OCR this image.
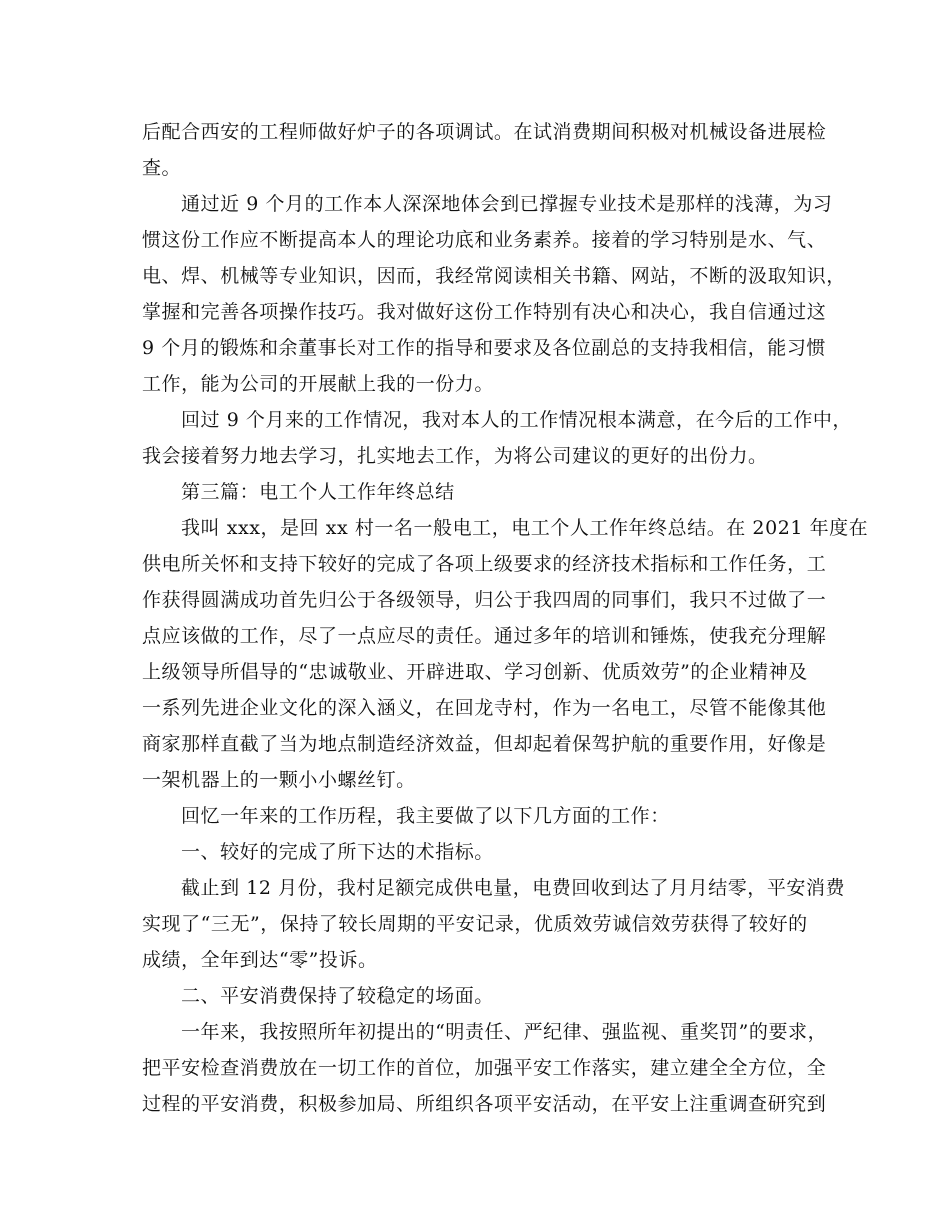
后配合西安的工程师做好炉子的各项调试。在试消费期间积极对机械设备进展检
查。
通过近 9 个月的工作本人深深地体会到已撑握专业技术是那样的浅薄，为习
惯这份工作应不断提高本人的理论功底和业务素养。接着的学习特别是水、气、
电、焊、机械等专业知识，因而，我经常阅读相关书籍、网站，不断的汲取知识，
掌握和完善各项操作技巧。我对做好这份工作特别有决心和决心，我自信通过这
9 个月的锻炼和余董事长对工作的指导和要求及各位副总的支持我相信，能习惯
工作，能为公司的开展献上我的一份力。
回过 9 个月来的工作情况，我对本人的工作情况根本满意，在今后的工作中，
我会接着努力地去学习，扎实地去工作，为将公司建议的更好的出份力。
第三篇：电工个人工作年终总结
我叫 xxx，是回 xx 村一名一般电工，电工个人工作年终总结。在 2021 年度在
供电所关怀和支持下较好的完成了各项上级要求的经济技术指标和工作任务，工
作获得圆满成功首先归公于各级领导，归公于我四周的同事们，我只不过做了一
点应该做的工作，尽了一点应尽的责任。通过多年的培训和锤炼，使我充分理解
上级领导所倡导的“忠诚敬业、开辟进取、学习创新、优质效劳”的企业精神及
一系列先进企业文化的深入涵义，在回龙寺村，作为一名电工，尽管不能像其他
商家那样直截了当为地点制造经济效益，但却起着保驾护航的重要作用，好像是
一架机器上的一颗小小螺丝钉。
回忆一年来的工作历程，我主要做了以下几方面的工作：
一、较好的完成了所下达的术指标。
截止到 12 月份，我村足额完成供电量，电费回收到达了月月结零，平安消费
实现了“三无”，保持了较长周期的平安记录，优质效劳诚信效劳获得了较好的
成绩，全年到达“零”投诉。
二、平安消费保持了较稳定的场面。
一年来，我按照所年初提出的“明责任、严纪律、强监视、重奖罚”的要求，
把平安检查消费放在一切工作的首位，加强平安工作落实，建立建全全方位，全
过程的平安消费，积极参加局、所组织各项平安活动，在平安上注重调查研究到
